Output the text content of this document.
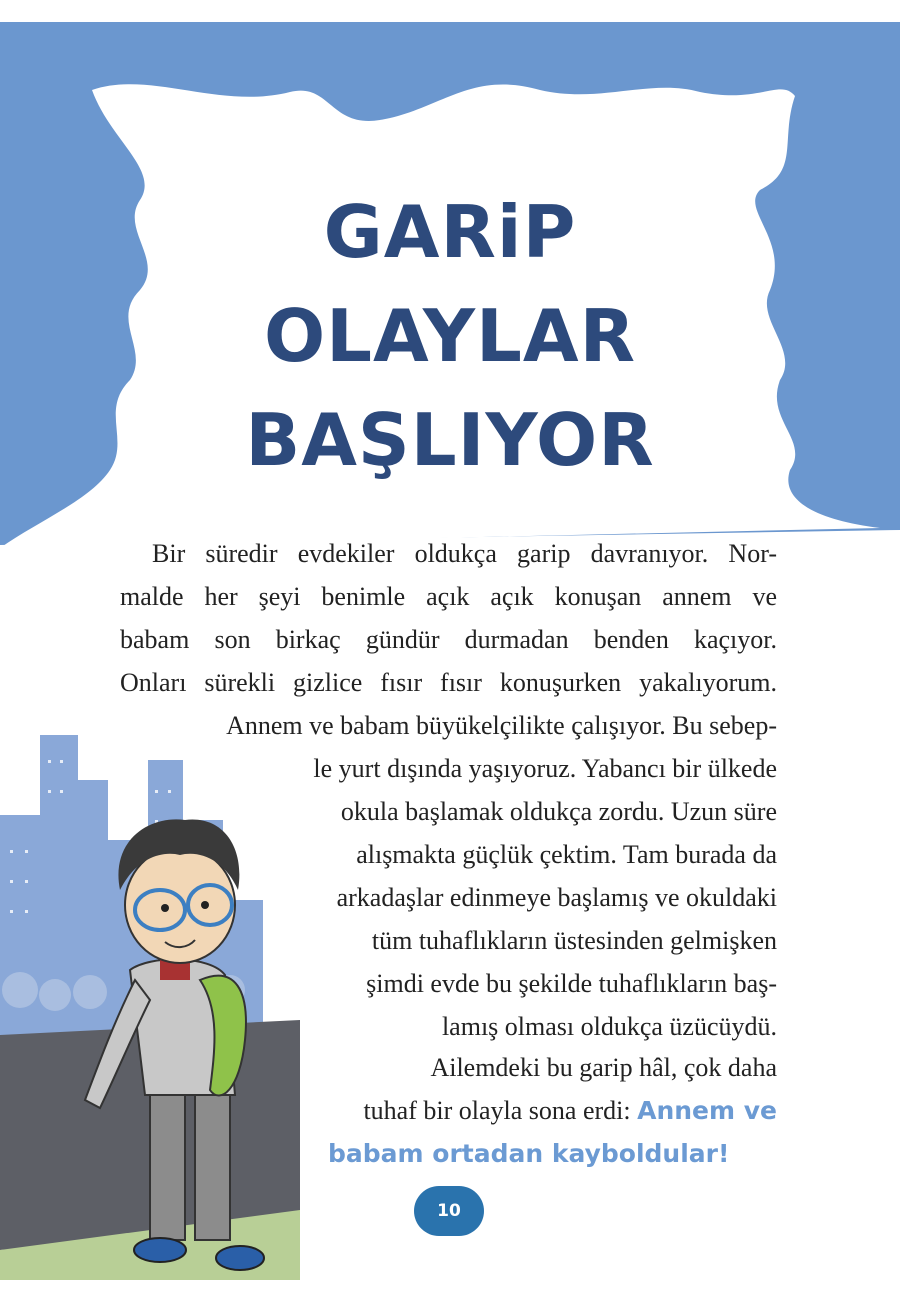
GARiP
OLAYLAR
BAŞLIYOR
Bir süredir evdekiler oldukça garip davranıyor. Nor-
malde her şeyi benimle açık açık konuşan annem ve
babam son birkaç gündür durmadan benden kaçıyor.
Onları sürekli gizlice fısır fısır konuşurken yakalıyorum.
Annem ve babam büyükelçilikte çalışıyor. Bu sebep-
le yurt dışında yaşıyoruz. Yabancı bir ülkede
okula başlamak oldukça zordu. Uzun süre
alışmakta güçlük çektim. Tam burada da
arkadaşlar edinmeye başlamış ve okuldaki
tüm tuhaflıkların üstesinden gelmişken
şimdi evde bu şekilde tuhaflıkların baş-
lamış olması oldukça üzücüydü.
Ailemdeki bu garip hâl, çok daha
tuhaf bir olayla sona erdi: Annem ve
babam ortadan kayboldular!
10
